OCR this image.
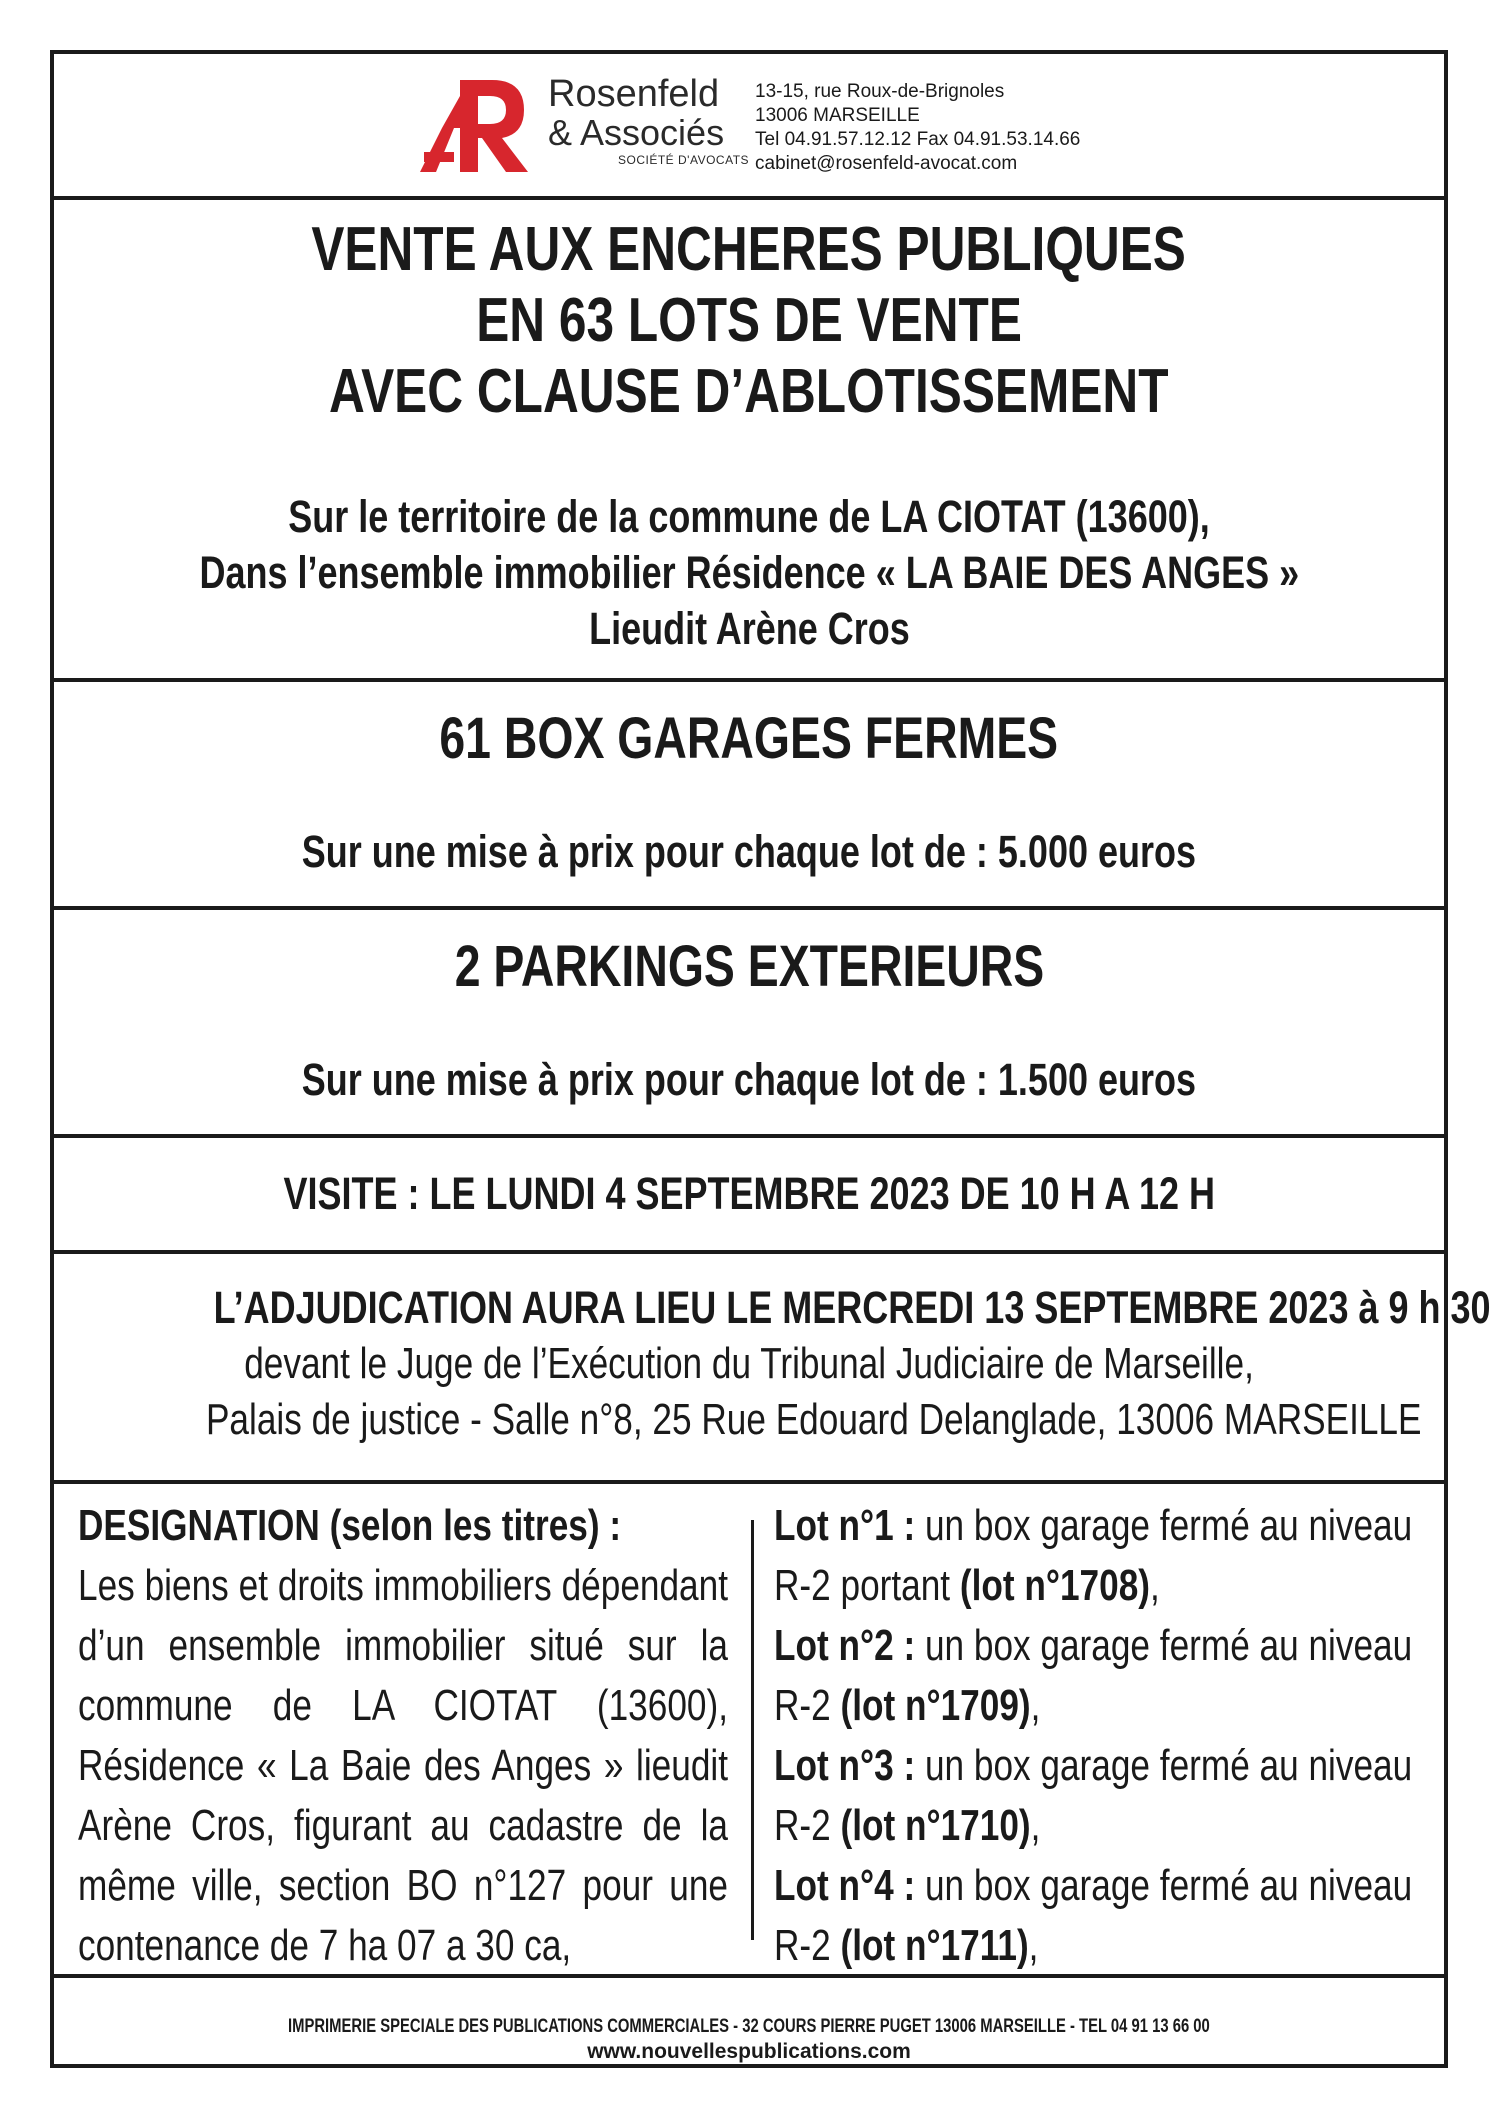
Rosenfeld
& Associés
SOCIÉTÉ D'AVOCATS
13-15, rue Roux-de-Brignoles
13006 MARSEILLE
Tel 04.91.57.12.12 Fax 04.91.53.14.66
cabinet@rosenfeld-avocat.com
VENTE AUX ENCHERES PUBLIQUES
EN 63 LOTS DE VENTE
AVEC CLAUSE D’ABLOTISSEMENT
Sur le territoire de la commune de LA CIOTAT (13600),
Dans l’ensemble immobilier Résidence « LA BAIE DES ANGES »
Lieudit Arène Cros
61 BOX GARAGES FERMES
Sur une mise à prix pour chaque lot de : 5.000 euros
2 PARKINGS EXTERIEURS
Sur une mise à prix pour chaque lot de : 1.500 euros
VISITE : LE LUNDI 4 SEPTEMBRE 2023 DE 10 H A 12 H
L’ADJUDICATION AURA LIEU LE MERCREDI 13 SEPTEMBRE 2023 à 9 h 30
devant le Juge de l’Exécution du Tribunal Judiciaire de Marseille,
Palais de justice - Salle n°8, 25 Rue Edouard Delanglade, 13006 MARSEILLE
DESIGNATION (selon les titres) :
Les biens et droits immobiliers dépendant
d’un ensemble immobilier situé sur la
commune de LA CIOTAT (13600),
Résidence « La Baie des Anges » lieudit
Arène Cros, figurant au cadastre de la
même ville, section BO n°127 pour une
contenance de 7 ha 07 a 30 ca,
Lot n°1 : un box garage fermé au niveau
R-2 portant (lot n°1708),
Lot n°2 : un box garage fermé au niveau
R-2 (lot n°1709),
Lot n°3 : un box garage fermé au niveau
R-2 (lot n°1710),
Lot n°4 : un box garage fermé au niveau
R-2 (lot n°1711),
IMPRIMERIE SPECIALE DES PUBLICATIONS COMMERCIALES - 32 COURS PIERRE PUGET 13006 MARSEILLE - TEL 04 91 13 66 00
www.nouvellespublications.com
